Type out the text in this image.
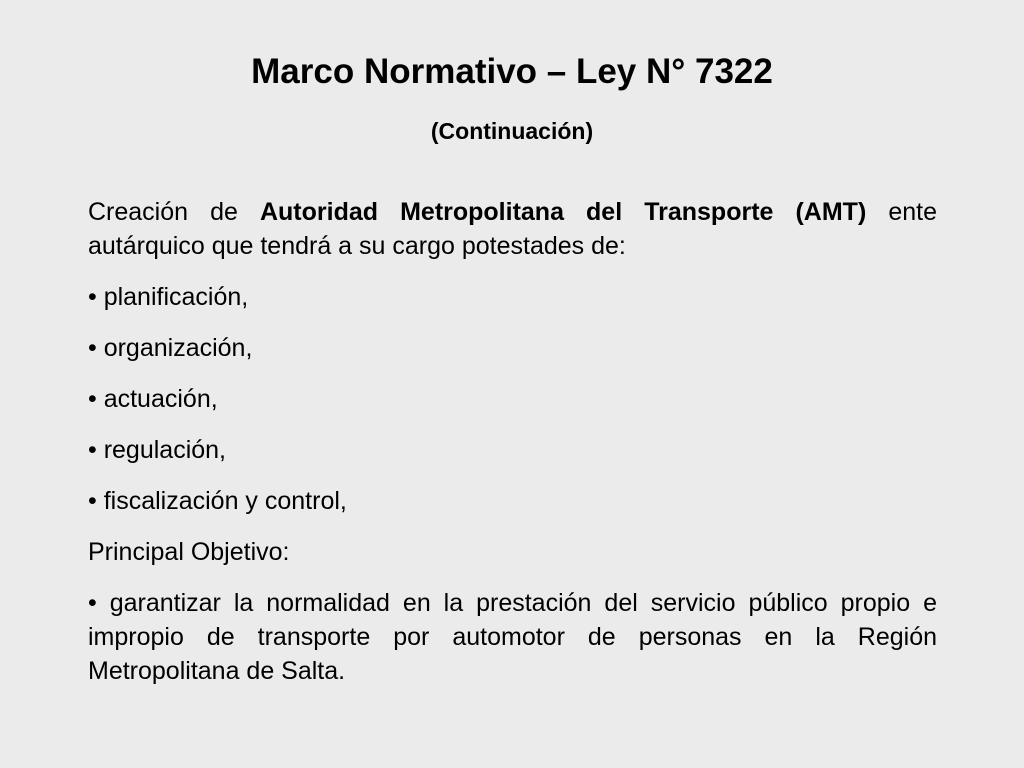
Marco Normativo – Ley N° 7322
(Continuación)

Creación de Autoridad Metropolitana del Transporte (AMT) ente autárquico que tendrá a su cargo potestades de:

• planificación,

• organización,

• actuación,

• regulación,

• fiscalización y control,

Principal Objetivo:

• garantizar la normalidad en la prestación del servicio público propio e impropio de transporte por automotor de personas en la Región Metropolitana de Salta.
